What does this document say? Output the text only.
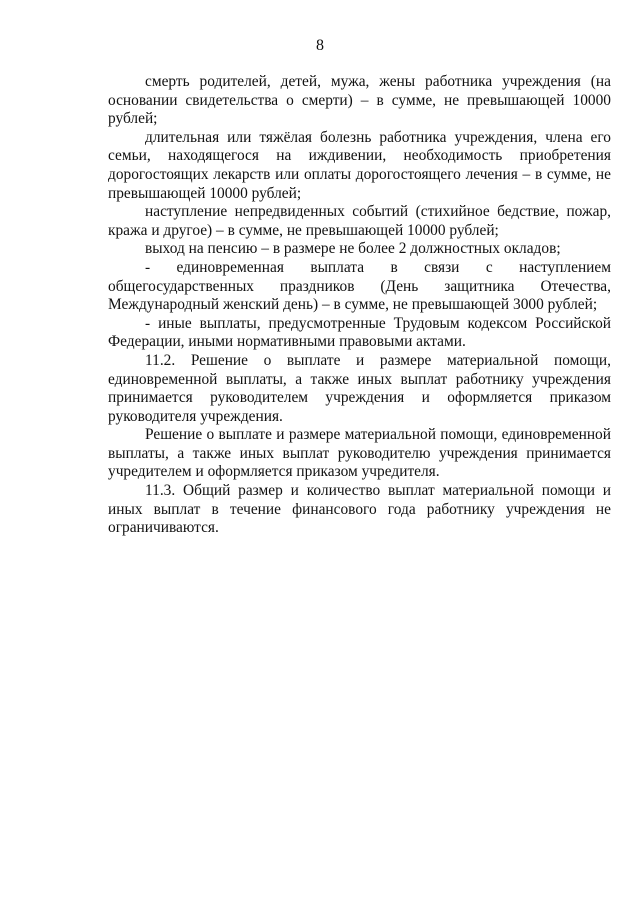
8

смерть родителей, детей, мужа, жены работника учреждения (на основании свидетельства о смерти) – в сумме, не превышающей 10000 рублей;

длительная или тяжёлая болезнь работника учреждения, члена его семьи, находящегося на иждивении, необходимость приобретения дорогостоящих лекарств или оплаты дорогостоящего лечения – в сумме, не превышающей 10000 рублей;

наступление непредвиденных событий (стихийное бедствие, пожар, кража и другое) – в сумме, не превышающей 10000 рублей;

выход на пенсию – в размере не более 2 должностных окладов;

- единовременная выплата в связи с наступлением общегосударственных праздников (День защитника Отечества, Международный женский день) – в сумме, не превышающей 3000 рублей;

- иные выплаты, предусмотренные Трудовым кодексом Российской Федерации, иными нормативными правовыми актами.

11.2. Решение о выплате и размере материальной помощи, единовременной выплаты, а также иных выплат работнику учреждения принимается руководителем учреждения и оформляется приказом руководителя учреждения.

Решение о выплате и размере материальной помощи, единовременной выплаты, а также иных выплат руководителю учреждения принимается учредителем и оформляется приказом учредителя.

11.3. Общий размер и количество выплат материальной помощи и иных выплат в течение финансового года работнику учреждения не ограничиваются.
